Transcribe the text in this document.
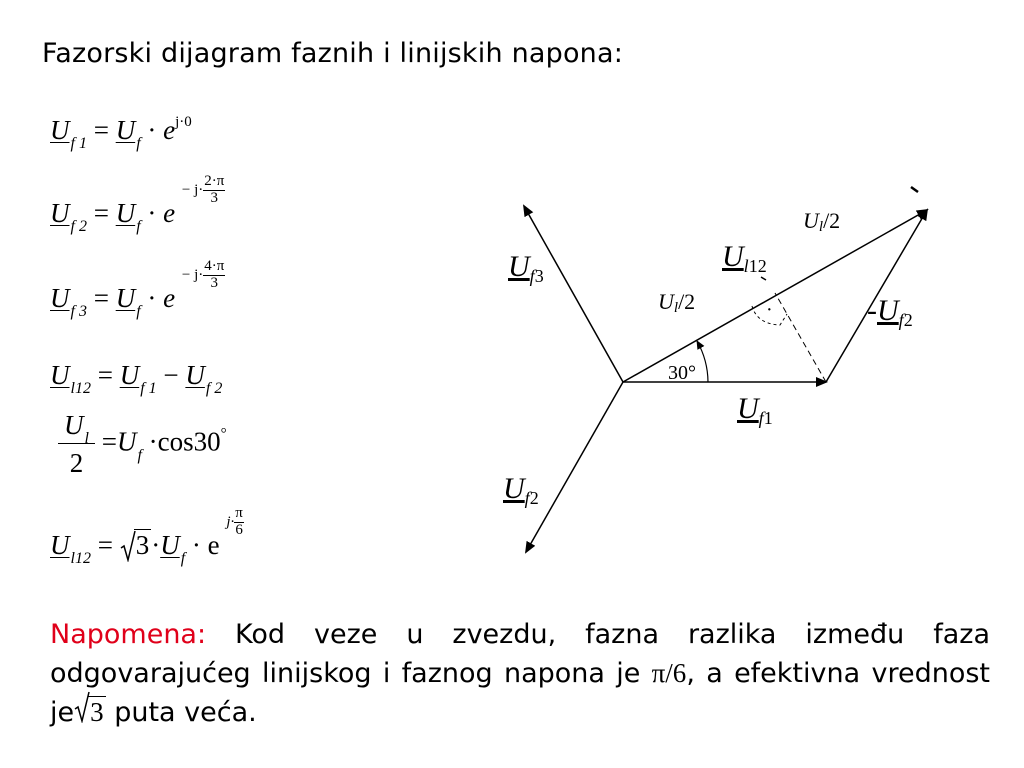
Fazorski dijagram faznih i linijskih napona:
$U_{f 1} = U_f \cdot e^{j\cdot 0}$
$U_{f 2} = U_f \cdot e$ $^{- j\cdot \frac{2\cdot\pi}{3}}$
$U_{f 3} = U_f \cdot e$ $^{- j\cdot \frac{4\cdot\pi}{3}}$
$U_{l12} = U_{f 1} - U_{f 2}$
$\frac{U_l}{2} =U_f \cdot\cos 30^\circ$
$U_{l12} = 3\cdot U_f \cdot e$ $^{j\cdot \frac{\pi}{6}}$
·
30°
$U_f3$
$U_f2$
$U_f1$
$-U_f2$
$U_l12$
Ul/2
Ul/2
Napomena: Kod veze u zvezdu, fazna razlika između faza odgovarajućeg linijskog i faznog napona je π/6, a efektivna vrednost je 3 puta veća.
